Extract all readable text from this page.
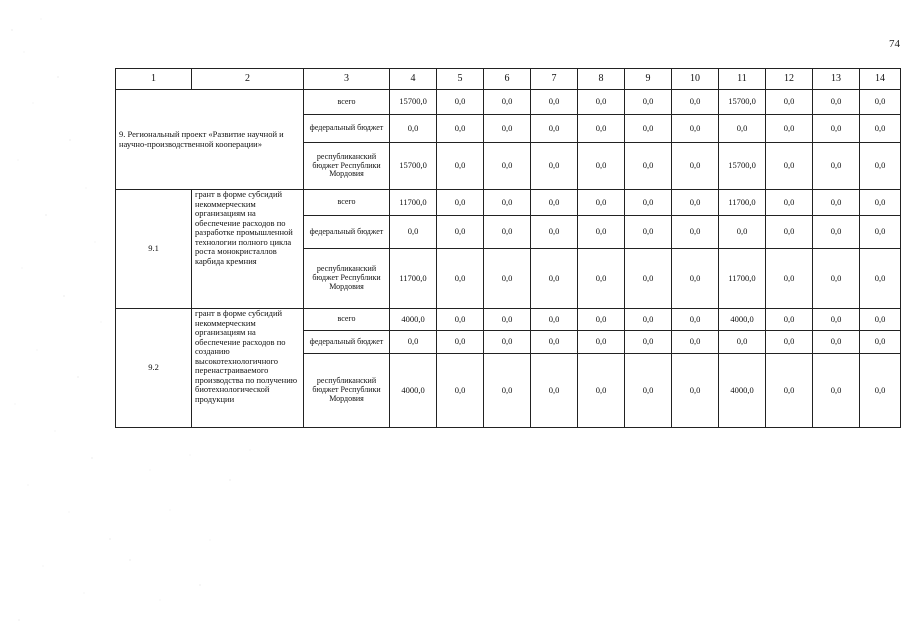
74
1	2	3	4	5	6	7	8	9	10	11	12	13	14
9. Региональный проект «Развитие научной и научно-производственной кооперации»		всего	15700,0	0,0	0,0	0,0	0,0	0,0	0,0	15700,0	0,0	0,0	0,0
		федеральный бюджет	0,0	0,0	0,0	0,0	0,0	0,0	0,0	0,0	0,0	0,0	0,0
		республиканский бюджет Республики Мордовия	15700,0	0,0	0,0	0,0	0,0	0,0	0,0	15700,0	0,0	0,0	0,0
9.1	грант в форме субсидий некоммерческим организациям на обеспечение расходов по разработке промышленной технологии полного цикла роста монокристаллов карбида кремния	всего	11700,0	0,0	0,0	0,0	0,0	0,0	0,0	11700,0	0,0	0,0	0,0
		федеральный бюджет	0,0	0,0	0,0	0,0	0,0	0,0	0,0	0,0	0,0	0,0	0,0
		республиканский бюджет Республики Мордовия	11700,0	0,0	0,0	0,0	0,0	0,0	0,0	11700,0	0,0	0,0	0,0
9.2	грант в форме субсидий некоммерческим организациям на обеспечение расходов по созданию высокотехнологичного перенастраиваемого производства по получению биотехнологической продукции	всего	4000,0	0,0	0,0	0,0	0,0	0,0	0,0	4000,0	0,0	0,0	0,0
		федеральный бюджет	0,0	0,0	0,0	0,0	0,0	0,0	0,0	0,0	0,0	0,0	0,0
		республиканский бюджет Республики Мордовия	4000,0	0,0	0,0	0,0	0,0	0,0	0,0	4000,0	0,0	0,0	0,0
